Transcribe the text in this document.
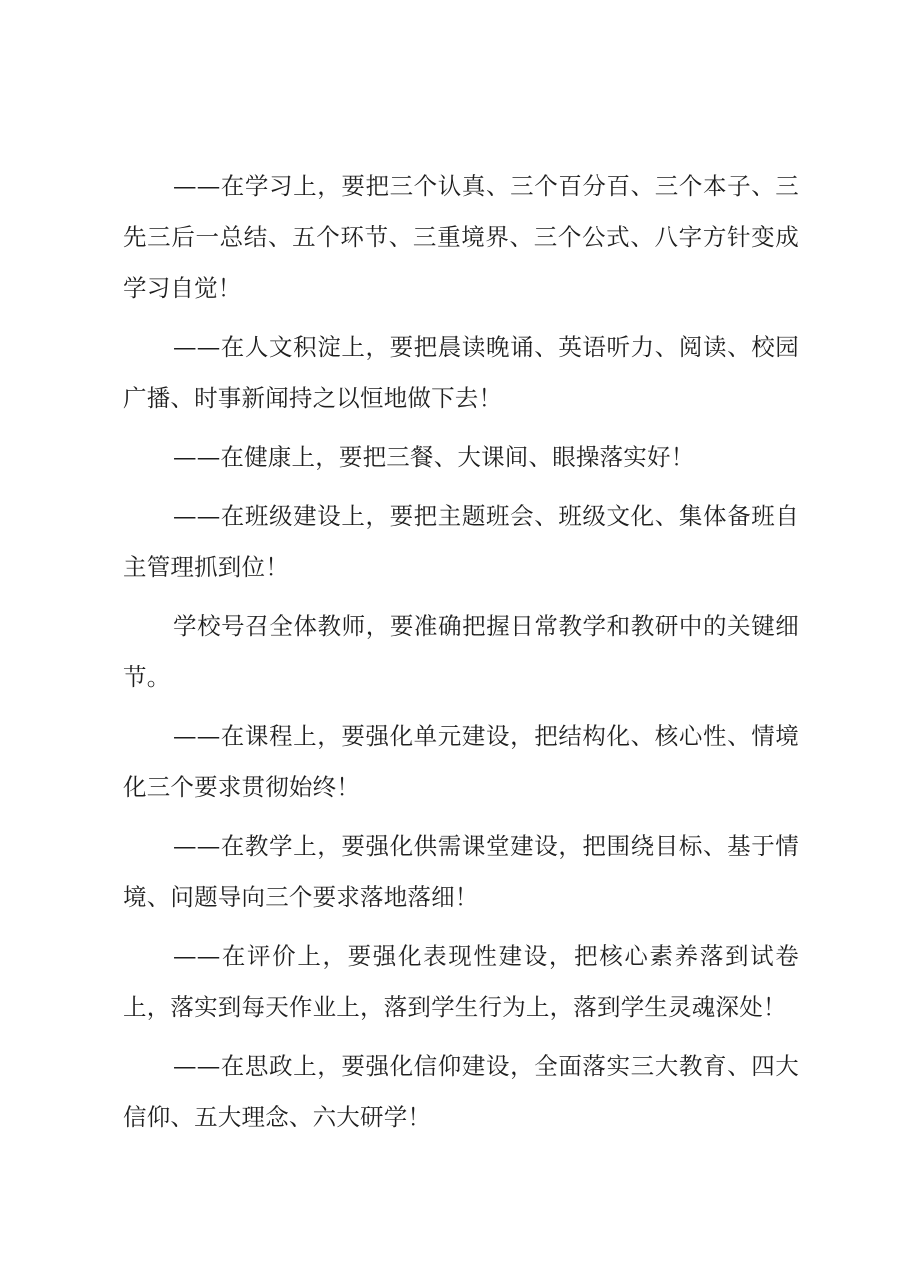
——在学习上，要把三个认真、三个百分百、三个本子、三先三后一总结、五个环节、三重境界、三个公式、八字方针变成学习自觉！

——在人文积淀上，要把晨读晚诵、英语听力、阅读、校园广播、时事新闻持之以恒地做下去！

——在健康上，要把三餐、大课间、眼操落实好！

——在班级建设上，要把主题班会、班级文化、集体备班自主管理抓到位！

学校号召全体教师，要准确把握日常教学和教研中的关键细节。

——在课程上，要强化单元建设，把结构化、核心性、情境化三个要求贯彻始终！

——在教学上，要强化供需课堂建设，把围绕目标、基于情境、问题导向三个要求落地落细！

——在评价上，要强化表现性建设，把核心素养落到试卷上，落实到每天作业上，落到学生行为上，落到学生灵魂深处！

——在思政上，要强化信仰建设，全面落实三大教育、四大信仰、五大理念、六大研学！
